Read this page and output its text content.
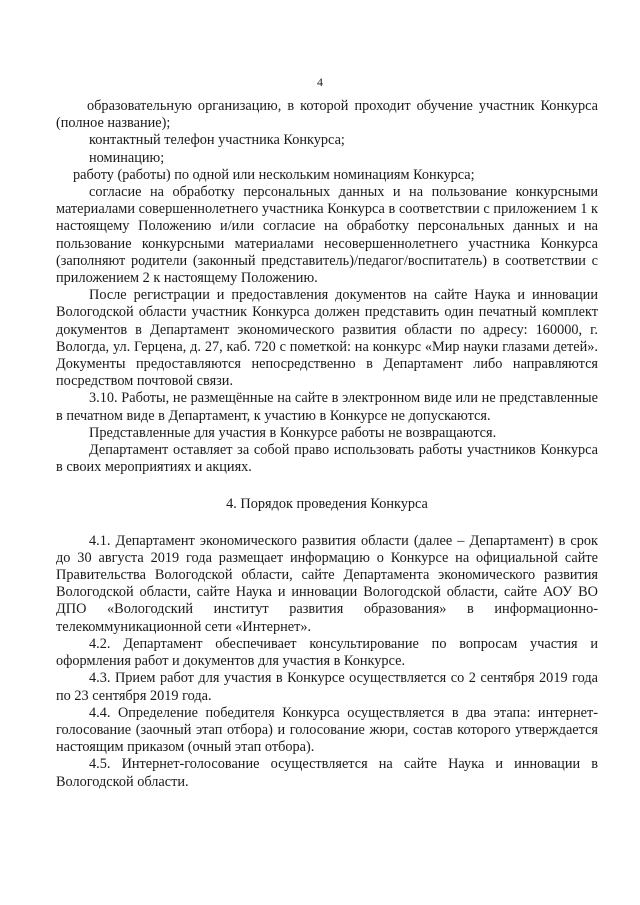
4

образовательную организацию, в которой проходит обучение участник Конкурса (полное название);

контактный телефон участника Конкурса;

номинацию;

работу (работы) по одной или нескольким номинациям Конкурса;

согласие на обработку персональных данных и на пользование конкурсными материалами совершеннолетнего участника Конкурса в соответствии с приложением 1 к настоящему Положению и/или согласие на обработку персональных данных и на пользование конкурсными материалами несовершеннолетнего участника Конкурса (заполняют родители (законный представитель)/педагог/воспитатель) в соответствии с приложением 2 к настоящему Положению.

После регистрации и предоставления документов на сайте Наука и инновации Вологодской области участник Конкурса должен представить один печатный комплект документов в Департамент экономического развития области по адресу: 160000, г. Вологда, ул. Герцена, д. 27, каб. 720 с пометкой: на конкурс «Мир науки глазами детей». Документы предоставляются непосредственно в Департамент либо направляются посредством почтовой связи.

3.10. Работы, не размещённые на сайте в электронном виде или не представленные в печатном виде в Департамент, к участию в Конкурсе не допускаются.

Представленные для участия в Конкурсе работы не возвращаются.

Департамент оставляет за собой право использовать работы участников Конкурса в своих мероприятиях и акциях.

4. Порядок проведения Конкурса

4.1. Департамент экономического развития области (далее – Департамент) в срок до 30 августа 2019 года размещает информацию о Конкурсе на официальной сайте Правительства Вологодской области, сайте Департамента экономического развития Вологодской области, сайте Наука и инновации Вологодской области, сайте АОУ ВО ДПО «Вологодский институт развития образования» в информационно-телекоммуникационной сети «Интернет».

4.2. Департамент обеспечивает консультирование по вопросам участия и оформления работ и документов для участия в Конкурсе.

4.3. Прием работ для участия в Конкурсе осуществляется со 2 сентября 2019 года по 23 сентября 2019 года.

4.4. Определение победителя Конкурса осуществляется в два этапа: интернет-голосование (заочный этап отбора) и голосование жюри, состав которого утверждается настоящим приказом (очный этап отбора).

4.5. Интернет-голосование осуществляется на сайте Наука и инновации в Вологодской области.
